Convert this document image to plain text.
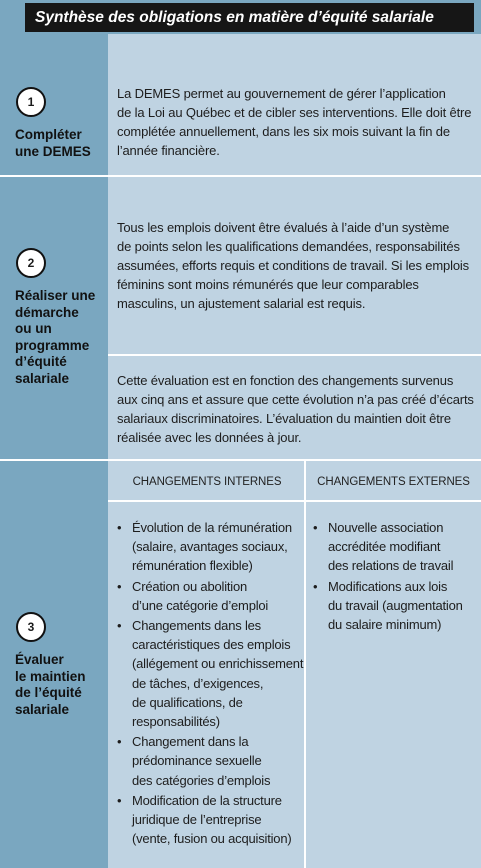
Synthèse des obligations en matière d’équité salariale
1
Compléter
une DEMES
La DEMES permet au gouvernement de gérer l’application
de la Loi au Québec et de cibler ses interventions. Elle doit être
complétée annuellement, dans les six mois suivant la fin de
l’année financière.
2
Réaliser une
démarche
ou un
programme
d’équité
salariale
Tous les emplois doivent être évalués à l’aide d’un système
de points selon les qualifications demandées, responsabilités
assumées, efforts requis et conditions de travail. Si les emplois
féminins sont moins rémunérés que leur comparables
masculins, un ajustement salarial est requis.
Cette évaluation est en fonction des changements survenus
aux cinq ans et assure que cette évolution n’a pas créé d’écarts
salariaux discriminatoires. L’évaluation du maintien doit être
réalisée avec les données à jour.
3
Évaluer
le maintien
de l’équité
salariale
CHANGEMENTS INTERNES	CHANGEMENTS EXTERNES
• Évolution de la rémunération
(salaire, avantages sociaux,
rémunération flexible)
• Création ou abolition
d’une catégorie d’emploi
• Changements dans les
caractéristiques des emplois
(allégement ou enrichissement
de tâches, d’exigences,
de qualifications, de
responsabilités)
• Changement dans la
prédominance sexuelle
des catégories d’emplois
• Modification de la structure
juridique de l’entreprise
(vente, fusion ou acquisition)
• Nouvelle association
accréditée modifiant
des relations de travail
• Modifications aux lois
du travail (augmentation
du salaire minimum)
